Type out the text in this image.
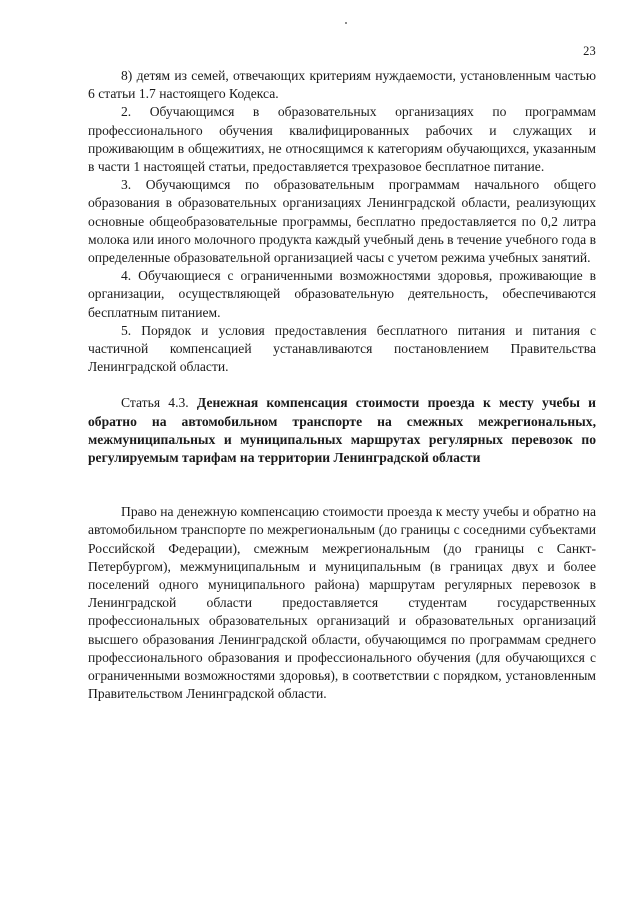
23

8) детям из семей, отвечающих критериям нуждаемости, установленным частью 6 статьи 1.7 настоящего Кодекса.

2. Обучающимся в образовательных организациях по программам профессионального обучения квалифицированных рабочих и служащих и проживающим в общежитиях, не относящимся к категориям обучающихся, указанным в части 1 настоящей статьи, предоставляется трехразовое бесплатное питание.

3. Обучающимся по образовательным программам начального общего образования в образовательных организациях Ленинградской области, реализующих основные общеобразовательные программы, бесплатно предоставляется по 0,2 литра молока или иного молочного продукта каждый учебный день в течение учебного года в определенные образовательной организацией часы с учетом режима учебных занятий.

4. Обучающиеся с ограниченными возможностями здоровья, проживающие в организации, осуществляющей образовательную деятельность, обеспечиваются бесплатным питанием.

5. Порядок и условия предоставления бесплатного питания и питания с частичной компенсацией устанавливаются постановлением Правительства Ленинградской области.

Статья 4.3. Денежная компенсация стоимости проезда к месту учебы и обратно на автомобильном транспорте на смежных межрегиональных, межмуниципальных и муниципальных маршрутах регулярных перевозок по регулируемым тарифам на территории Ленинградской области

Право на денежную компенсацию стоимости проезда к месту учебы и обратно на автомобильном транспорте по межрегиональным (до границы с соседними субъектами Российской Федерации), смежным межрегиональным (до границы с Санкт-Петербургом), межмуниципальным и муниципальным (в границах двух и более поселений одного муниципального района) маршрутам регулярных перевозок в Ленинградской области предоставляется студентам государственных профессиональных образовательных организаций и образовательных организаций высшего образования Ленинградской области, обучающимся по программам среднего профессионального образования и профессионального обучения (для обучающихся с ограниченными возможностями здоровья), в соответствии с порядком, установленным Правительством Ленинградской области.
